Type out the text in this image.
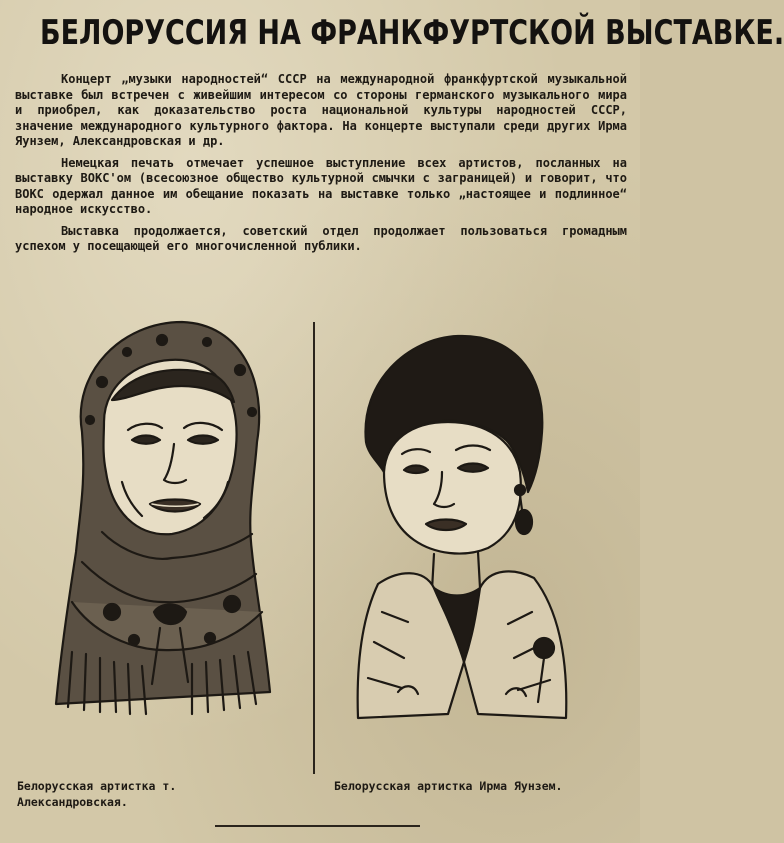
БЕЛОРУССИЯ НА ФРАНКФУРТСКОЙ ВЫСТАВКЕ.

Концерт „музыки народностей“ СССР на международной франкфуртской музыкальной выставке был встречен с живейшим интересом со стороны германского музыкального мира и приобрел, как доказательство роста национальной культуры народностей СССР, значение международного культурного фактора. На концерте выступали среди других Ирма Яунзем, Александровская и др.

Немецкая печать отмечает успешное выступление всех артистов, посланных на выставку ВОКС'ом (всесоюзное общество культурной смычки с заграницей) и говорит, что ВОКС одержал данное им обещание показать на выставке только „настоящее и подлинное“ народное искусство.

Выставка продолжается, советский отдел продолжает пользоваться громадным успехом у посещающей его многочисленной публики.

Белорусская артистка т. Александровская.
Белорусская артистка Ирма Яунзем.
